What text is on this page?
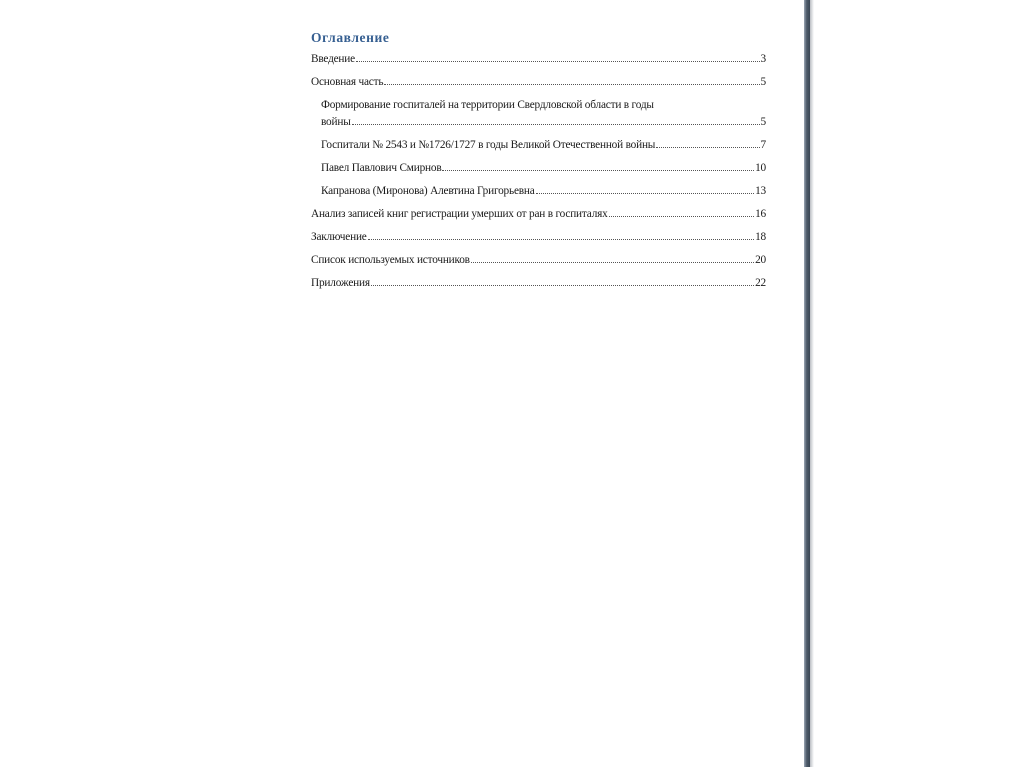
Оглавление
Введение	3
Основная часть	5
Формирование госпиталей на территории Свердловской области в годы
войны	5
Госпитали № 2543 и №1726/1727 в годы Великой Отечественной войны	7
Павел Павлович Смирнов	10
Капранова (Миронова) Алевтина Григорьевна	13
Анализ записей книг регистрации умерших от ран в госпиталях	16
Заключение	18
Список используемых источников	20
Приложения	22
